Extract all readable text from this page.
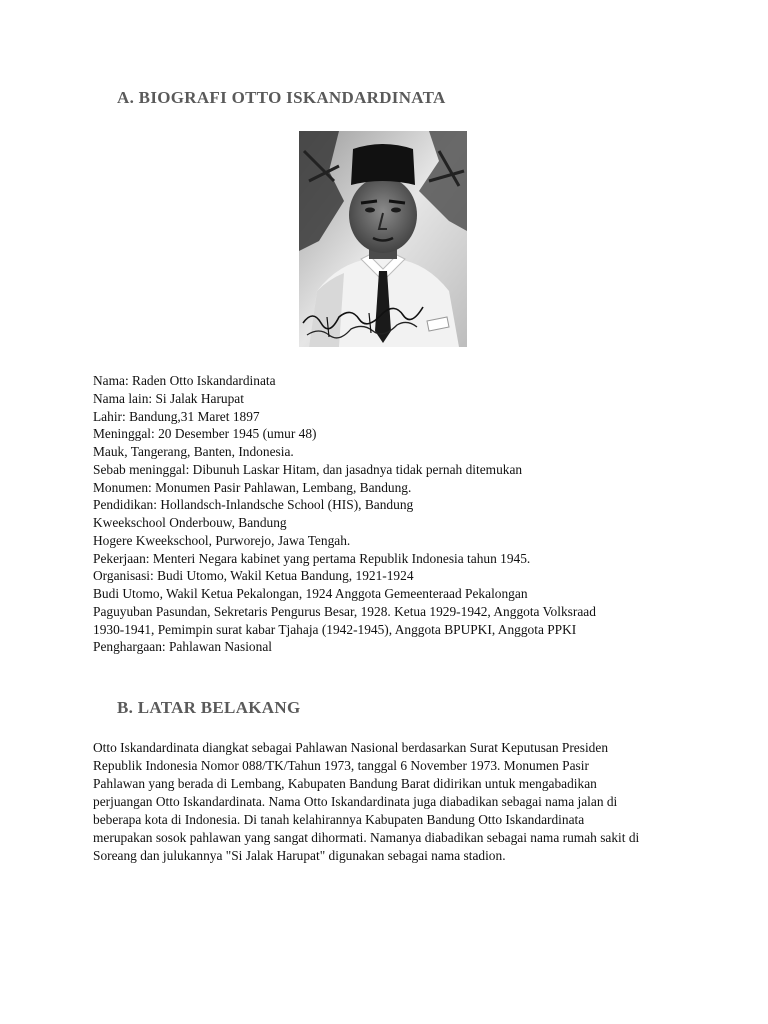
A. BIOGRAFI OTTO ISKANDARDINATA
Nama: Raden Otto Iskandardinata
Nama lain: Si Jalak Harupat
Lahir: Bandung,31 Maret 1897
Meninggal: 20 Desember 1945 (umur 48)
Mauk, Tangerang, Banten, Indonesia.
Sebab meninggal: Dibunuh Laskar Hitam, dan jasadnya tidak pernah ditemukan
Monumen: Monumen Pasir Pahlawan, Lembang, Bandung.
Pendidikan: Hollandsch-Inlandsche School (HIS), Bandung
Kweekschool Onderbouw, Bandung
Hogere Kweekschool, Purworejo, Jawa Tengah.
Pekerjaan: Menteri Negara kabinet yang pertama Republik Indonesia tahun 1945.
Organisasi: Budi Utomo, Wakil Ketua Bandung, 1921-1924
Budi Utomo, Wakil Ketua Pekalongan, 1924 Anggota Gemeenteraad Pekalongan
Paguyuban Pasundan, Sekretaris Pengurus Besar, 1928. Ketua 1929-1942, Anggota Volksraad
1930-1941, Pemimpin surat kabar Tjahaja (1942-1945), Anggota BPUPKI, Anggota PPKI
Penghargaan: Pahlawan Nasional
B. LATAR BELAKANG
Otto Iskandardinata diangkat sebagai Pahlawan Nasional berdasarkan Surat Keputusan Presiden
Republik Indonesia Nomor 088/TK/Tahun 1973, tanggal 6 November 1973. Monumen Pasir
Pahlawan yang berada di Lembang, Kabupaten Bandung Barat didirikan untuk mengabadikan
perjuangan Otto Iskandardinata. Nama Otto Iskandardinata juga diabadikan sebagai nama jalan di
beberapa kota di Indonesia. Di tanah kelahirannya Kabupaten Bandung Otto Iskandardinata
merupakan sosok pahlawan yang sangat dihormati. Namanya diabadikan sebagai nama rumah sakit di
Soreang dan julukannya "Si Jalak Harupat" digunakan sebagai nama stadion.
